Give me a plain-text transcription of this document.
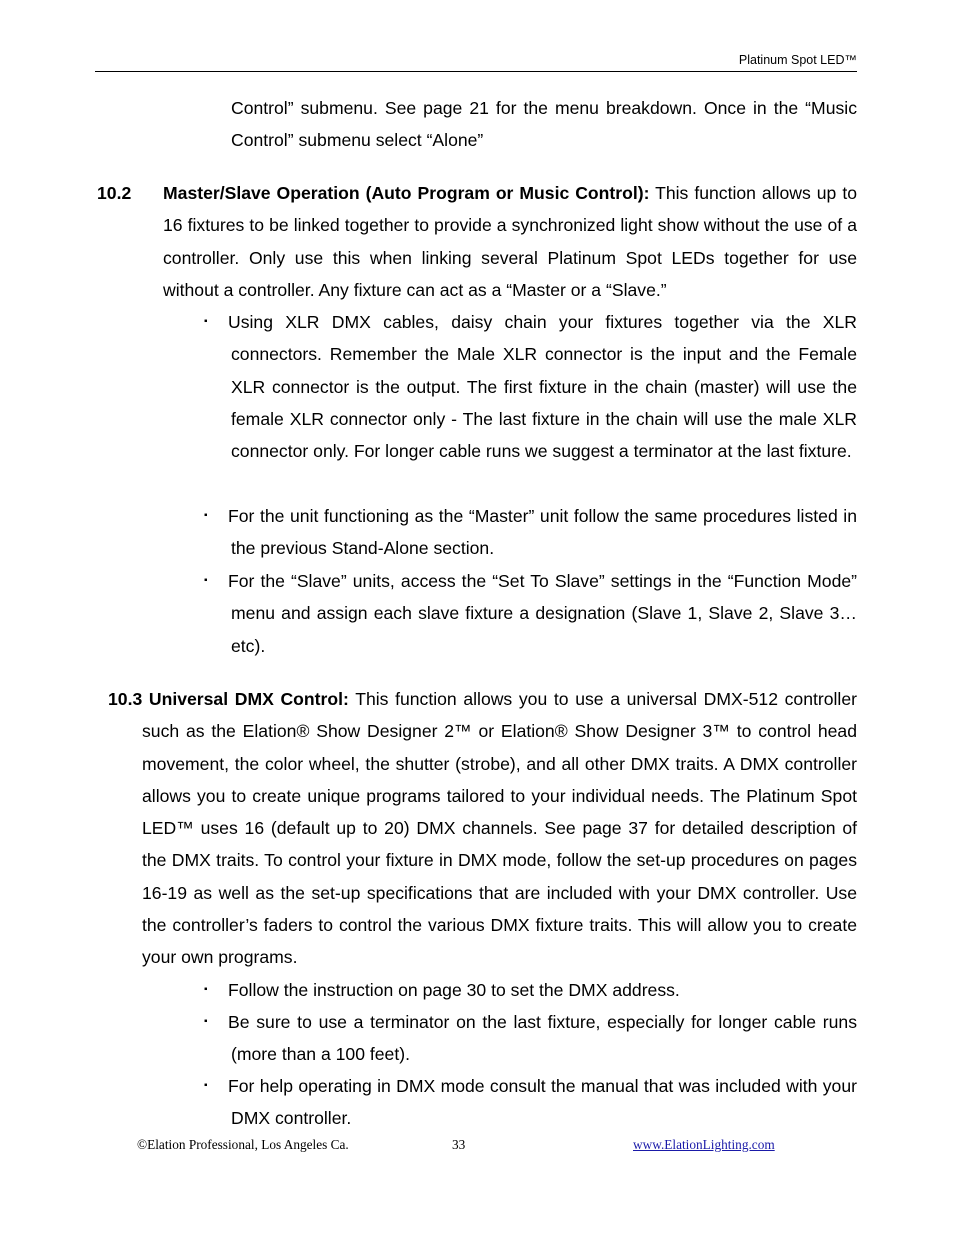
Platinum Spot LED™

Control” submenu. See page 21 for the menu breakdown. Once in the “Music Control” submenu select “Alone”

10.2 Master/Slave Operation (Auto Program or Music Control): This function allows up to 16 fixtures to be linked together to provide a synchronized light show without the use of a controller. Only use this when linking several Platinum Spot LEDs together for use without a controller. Any fixture can act as a “Master or a “Slave.”

▪ Using XLR DMX cables, daisy chain your fixtures together via the XLR connectors. Remember the Male XLR connector is the input and the Female XLR connector is the output. The first fixture in the chain (master) will use the female XLR connector only - The last fixture in the chain will use the male XLR connector only. For longer cable runs we suggest a terminator at the last fixture.

▪ For the unit functioning as the “Master” unit follow the same procedures listed in the previous Stand-Alone section.

▪ For the “Slave” units, access the “Set To Slave” settings in the “Function Mode” menu and assign each slave fixture a designation (Slave 1, Slave 2, Slave 3…etc).

10.3 Universal DMX Control: This function allows you to use a universal DMX-512 controller such as the Elation® Show Designer 2™ or Elation® Show Designer 3™ to control head movement, the color wheel, the shutter (strobe), and all other DMX traits. A DMX controller allows you to create unique programs tailored to your individual needs. The Platinum Spot LED™ uses 16 (default up to 20) DMX channels. See page 37 for detailed description of the DMX traits. To control your fixture in DMX mode, follow the set-up procedures on pages 16-19 as well as the set-up specifications that are included with your DMX controller. Use the controller’s faders to control the various DMX fixture traits. This will allow you to create your own programs.

▪ Follow the instruction on page 30 to set the DMX address.

▪ Be sure to use a terminator on the last fixture, especially for longer cable runs (more than a 100 feet).

▪ For help operating in DMX mode consult the manual that was included with your DMX controller.

©Elation Professional, Los Angeles Ca.	33	www.ElationLighting.com
